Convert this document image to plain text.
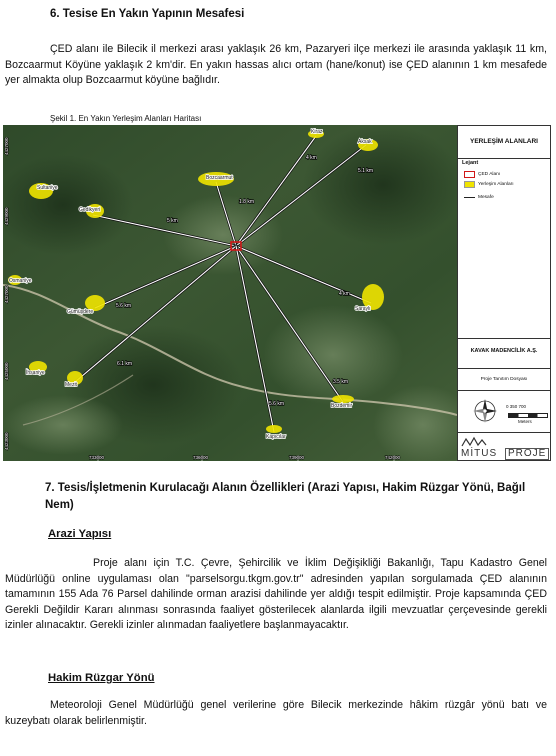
6. Tesise En Yakın Yapının Mesafesi
ÇED alanı ile Bilecik il merkezi arası yaklaşık 26 km, Pazaryeri ilçe merkezi ile arasında yaklaşık 11 km, Bozcaarmut Köyüne yaklaşık 2 km'dir. En yakın hassas alıcı ortam (hane/konut) ise ÇED alanının 1 km mesafede yer almakta olup Bozcaarmut köyüne bağlıdır.
Şekil 1. En Yakın Yerleşim Alanları Haritası
1.8 km
4 km
5.1 km
5 km
5.6 km
4 km
6.1 km
3.5 km
5.6 km
Sultaniye
Bozcaarmut
Kiraz
Aksak
Gedikyeri
Osmaniye
Gümüşdere	Saraylı
İhsaniye
Mezit
Bozdemir
Kapıcılar
733000	736000	739000	742000
4427000
4429000
4427000
4425000
4423000
YERLEŞİM ALANLARI
Lejant
ÇED Alanı
Yerleşim Alanları
Mesafe
KAVAK MADENCİLİK A.Ş.
Proje Tanıtım Dosyası
0 350 700
Meters
MİTUS	PROJE
7. Tesis/İşletmenin Kurulacağı Alanın Özellikleri (Arazi Yapısı, Hakim Rüzgar Yönü, Bağıl Nem)
Arazi Yapısı
Proje alanı için T.C. Çevre, Şehircilik ve İklim Değişikliği Bakanlığı, Tapu Kadastro Genel Müdürlüğü online uygulaması olan "parselsorgu.tkgm.gov.tr" adresinden yapılan sorgulamada ÇED alanının tamamının 155 Ada 76 Parsel dahilinde orman arazisi dahilinde yer aldığı tespit edilmiştir. Proje kapsamında ÇED Gerekli Değildir Kararı alınması sonrasında faaliyet gösterilecek alanlarda ilgili mevzuatlar çerçevesinde gerekli izinler alınacaktır. Gerekli izinler alınmadan faaliyetlere başlanmayacaktır.
Hakim Rüzgar Yönü
Meteoroloji Genel Müdürlüğü genel verilerine göre Bilecik merkezinde hâkim rüzgâr yönü batı ve kuzeybatı olarak belirlenmiştir.
